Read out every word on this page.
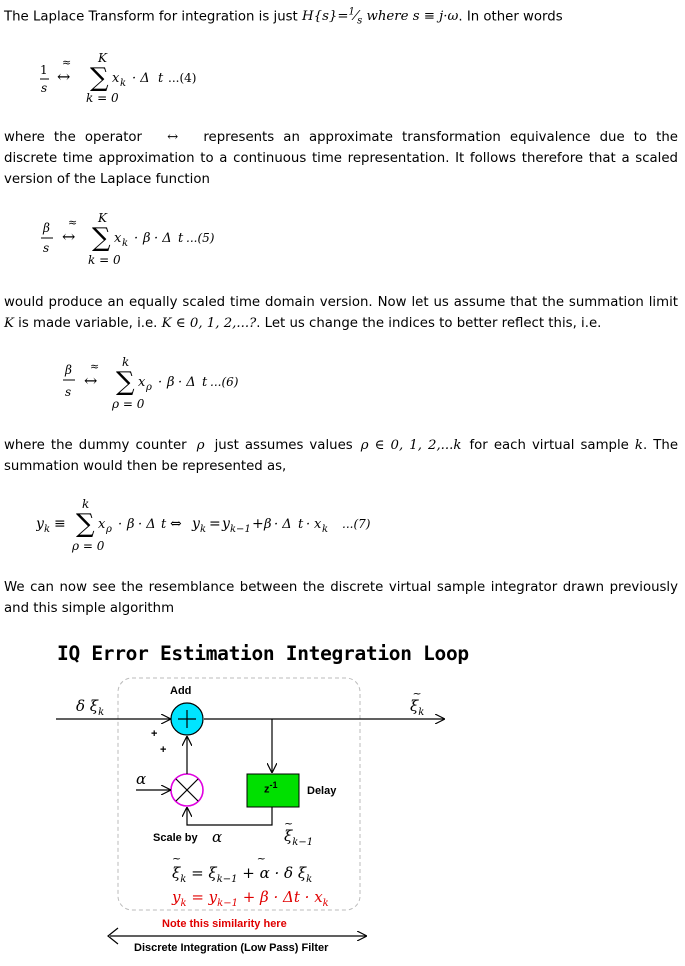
The Laplace Transform for integration is just $H\{s\}=^1⁄_s$ where s ≡ j·ω. In other words
1
s
≈
↔
K
∑
k = 0
x k · Δ t ...(4)
where the operator ↔ represents an approximate transformation equivalence due to the discrete time approximation to a continuous time representation. It follows therefore that a scaled version of the Laplace function
β
s
≈
↔
K
∑
k = 0
x k · β · Δ t ...(5)
would produce an equally scaled time domain version. Now let us assume that the summation limit K is made variable, i.e. K ∈ 0, 1, 2,...?. Let us change the indices to better reflect this, i.e.
β
s
≈
↔
k
∑
ρ = 0
x ρ · β · Δ t ...(6)
where the dummy counter ρ just assumes values ρ ∈ 0, 1, 2,...k for each virtual sample k. The summation would then be represented as,
y k ≡
k
∑
ρ = 0
x ρ · β · Δ t ⇔ y k = y k−1 + β · Δ t · x k ...(7)
We can now see the resemblance between the discrete virtual sample integrator drawn previously and this simple algorithm
IQ Error Estimation Integration Loop
Add
δ $\xi_k$
~
$\xi_k$
+
+
α
$z^{-1}$	Delay
Scale by α
~
$\xi_{k-1}$
~ ~
$\xi_k = \xi_{k-1} + \alpha \cdot \delta$ $\xi_k$
$y_k = y_{k-1} + \beta \cdot \Delta t \cdot x_k$
Note this similarity here
Discrete Integration (Low Pass) Filter
